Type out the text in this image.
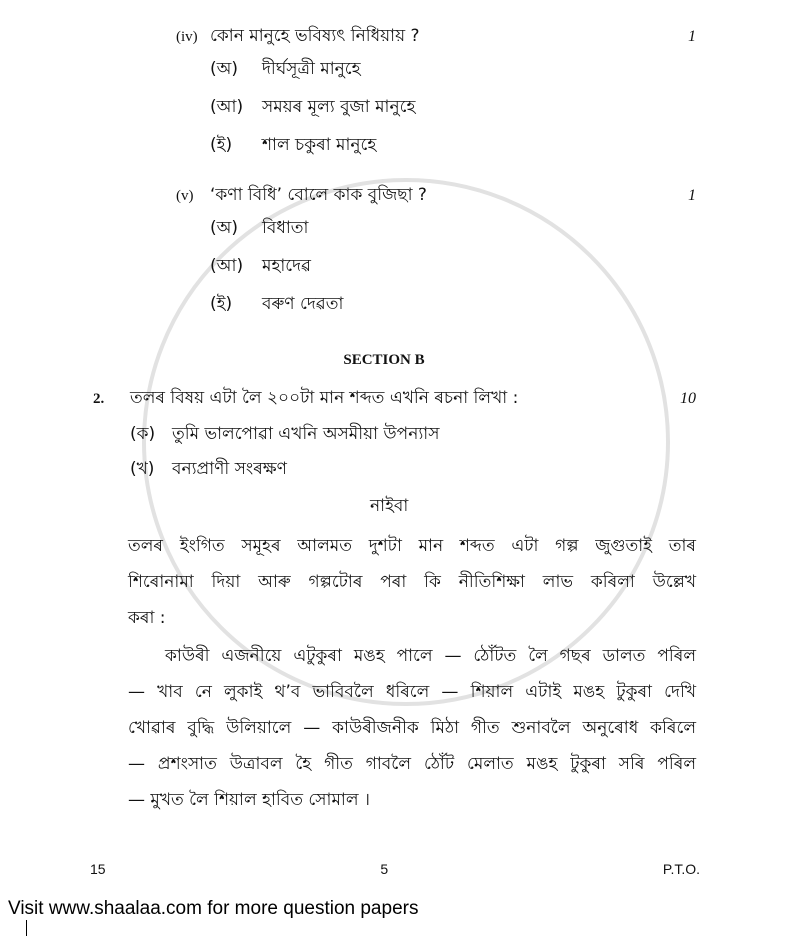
(iv) কোন মানুহে ভবিষ্যৎ নিধিয়ায় ?	1
(অ)	দীৰ্ঘসূত্ৰী মানুহে
(আ)	সময়ৰ মূল্য বুজা মানুহে
(ই)	শাল চকুৰা মানুহে
(v) ‘কণা বিধি’ বোলে কাক বুজিছা ?	1
(অ)	বিধাতা
(আ)	মহাদেৱ
(ই)	বৰুণ দেৱতা
SECTION B
2.	তলৰ বিষয় এটা লৈ ২০০টা মান শব্দত এখনি ৰচনা লিখা :	10
(ক) তুমি ভালপোৱা এখনি অসমীয়া উপন্যাস
(খ)	বন্যপ্ৰাণী সংৰক্ষণ
নাইবা
তলৰ ইংগিত সমূহৰ আলমত দুশটা মান শব্দত এটা গল্প জুগুতাই তাৰ
শিৰোনামা দিয়া আৰু গল্পটোৰ পৰা কি নীতিশিক্ষা লাভ কৰিলা উল্লেখ
কৰা :
কাউৰী এজনীয়ে এটুকুৰা মঙহ পালে — ঠোঁটত লৈ গছৰ ডালত পৰিল
— খাব নে লুকাই থ’ব ভাবিবলৈ ধৰিলে — শিয়াল এটাই মঙহ টুকুৰা দেখি
খোৱাৰ বুদ্ধি উলিয়ালে — কাউৰীজনীক মিঠা গীত শুনাবলৈ অনুৰোধ কৰিলে
— প্ৰশংসাত উত্ৰাবল হৈ গীত গাবলৈ ঠোঁট মেলাত মঙহ টুকুৰা সৰি পৰিল
— মুখত লৈ শিয়াল হাবিত সোমাল ।
15	5	P.T.O.
Visit www.shaalaa.com for more question papers
